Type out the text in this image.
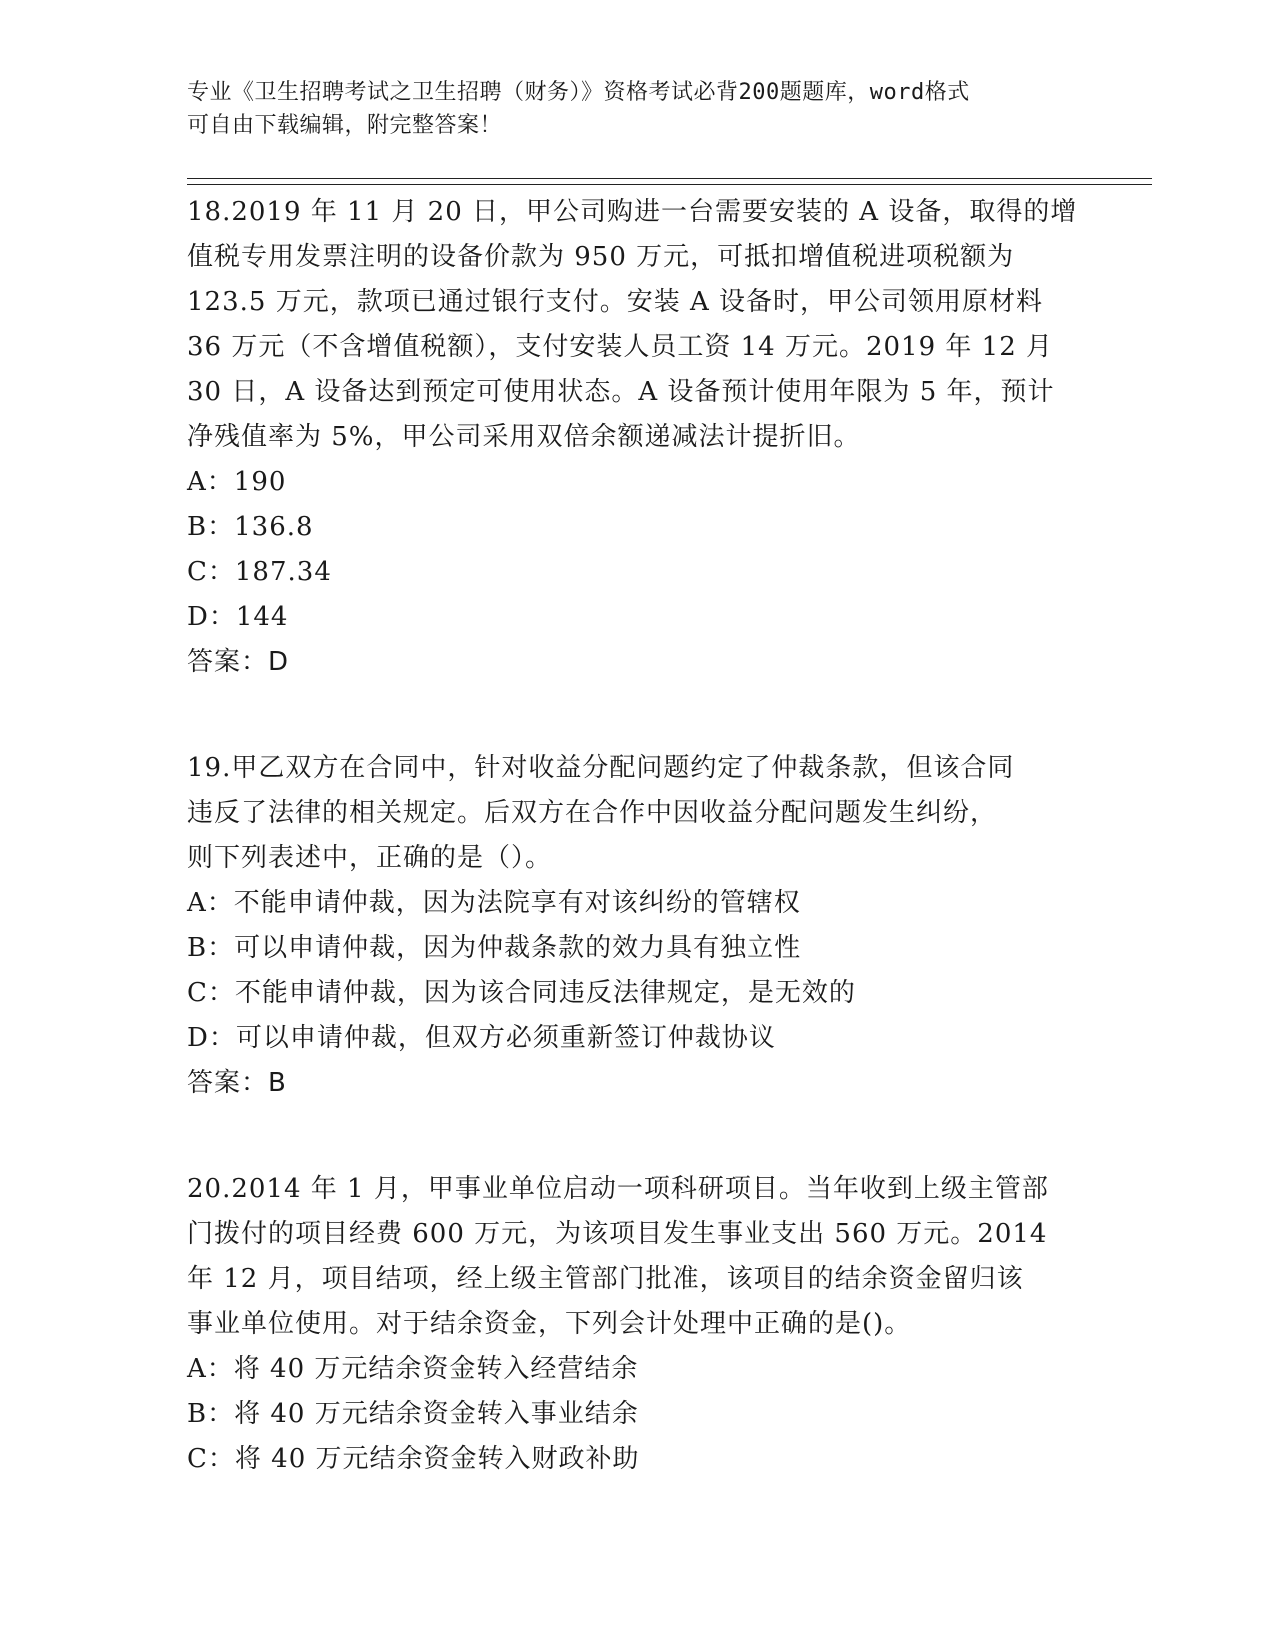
专业《卫生招聘考试之卫生招聘（财务）》资格考试必背200题题库，word格式
可自由下载编辑，附完整答案！
18.2019 年 11 月 20 日，甲公司购进一台需要安装的 A 设备，取得的增
值税专用发票注明的设备价款为 950 万元，可抵扣增值税进项税额为
123.5 万元，款项已通过银行支付。安装 A 设备时，甲公司领用原材料
36 万元（不含增值税额），支付安装人员工资 14 万元。2019 年 12 月
30 日，A 设备达到预定可使用状态。A 设备预计使用年限为 5 年，预计
净残值率为 5%，甲公司采用双倍余额递减法计提折旧。
A：190
B：136.8
C：187.34
D：144
答案：D
19.甲乙双方在合同中，针对收益分配问题约定了仲裁条款，但该合同
违反了法律的相关规定。后双方在合作中因收益分配问题发生纠纷，
则下列表述中，正确的是（）。
A：不能申请仲裁，因为法院享有对该纠纷的管辖权
B：可以申请仲裁，因为仲裁条款的效力具有独立性
C：不能申请仲裁，因为该合同违反法律规定，是无效的
D：可以申请仲裁，但双方必须重新签订仲裁协议
答案：B
20.2014 年 1 月，甲事业单位启动一项科研项目。当年收到上级主管部
门拨付的项目经费 600 万元，为该项目发生事业支出 560 万元。2014
年 12 月，项目结项，经上级主管部门批准，该项目的结余资金留归该
事业单位使用。对于结余资金，下列会计处理中正确的是()。
A：将 40 万元结余资金转入经营结余
B：将 40 万元结余资金转入事业结余
C：将 40 万元结余资金转入财政补助
